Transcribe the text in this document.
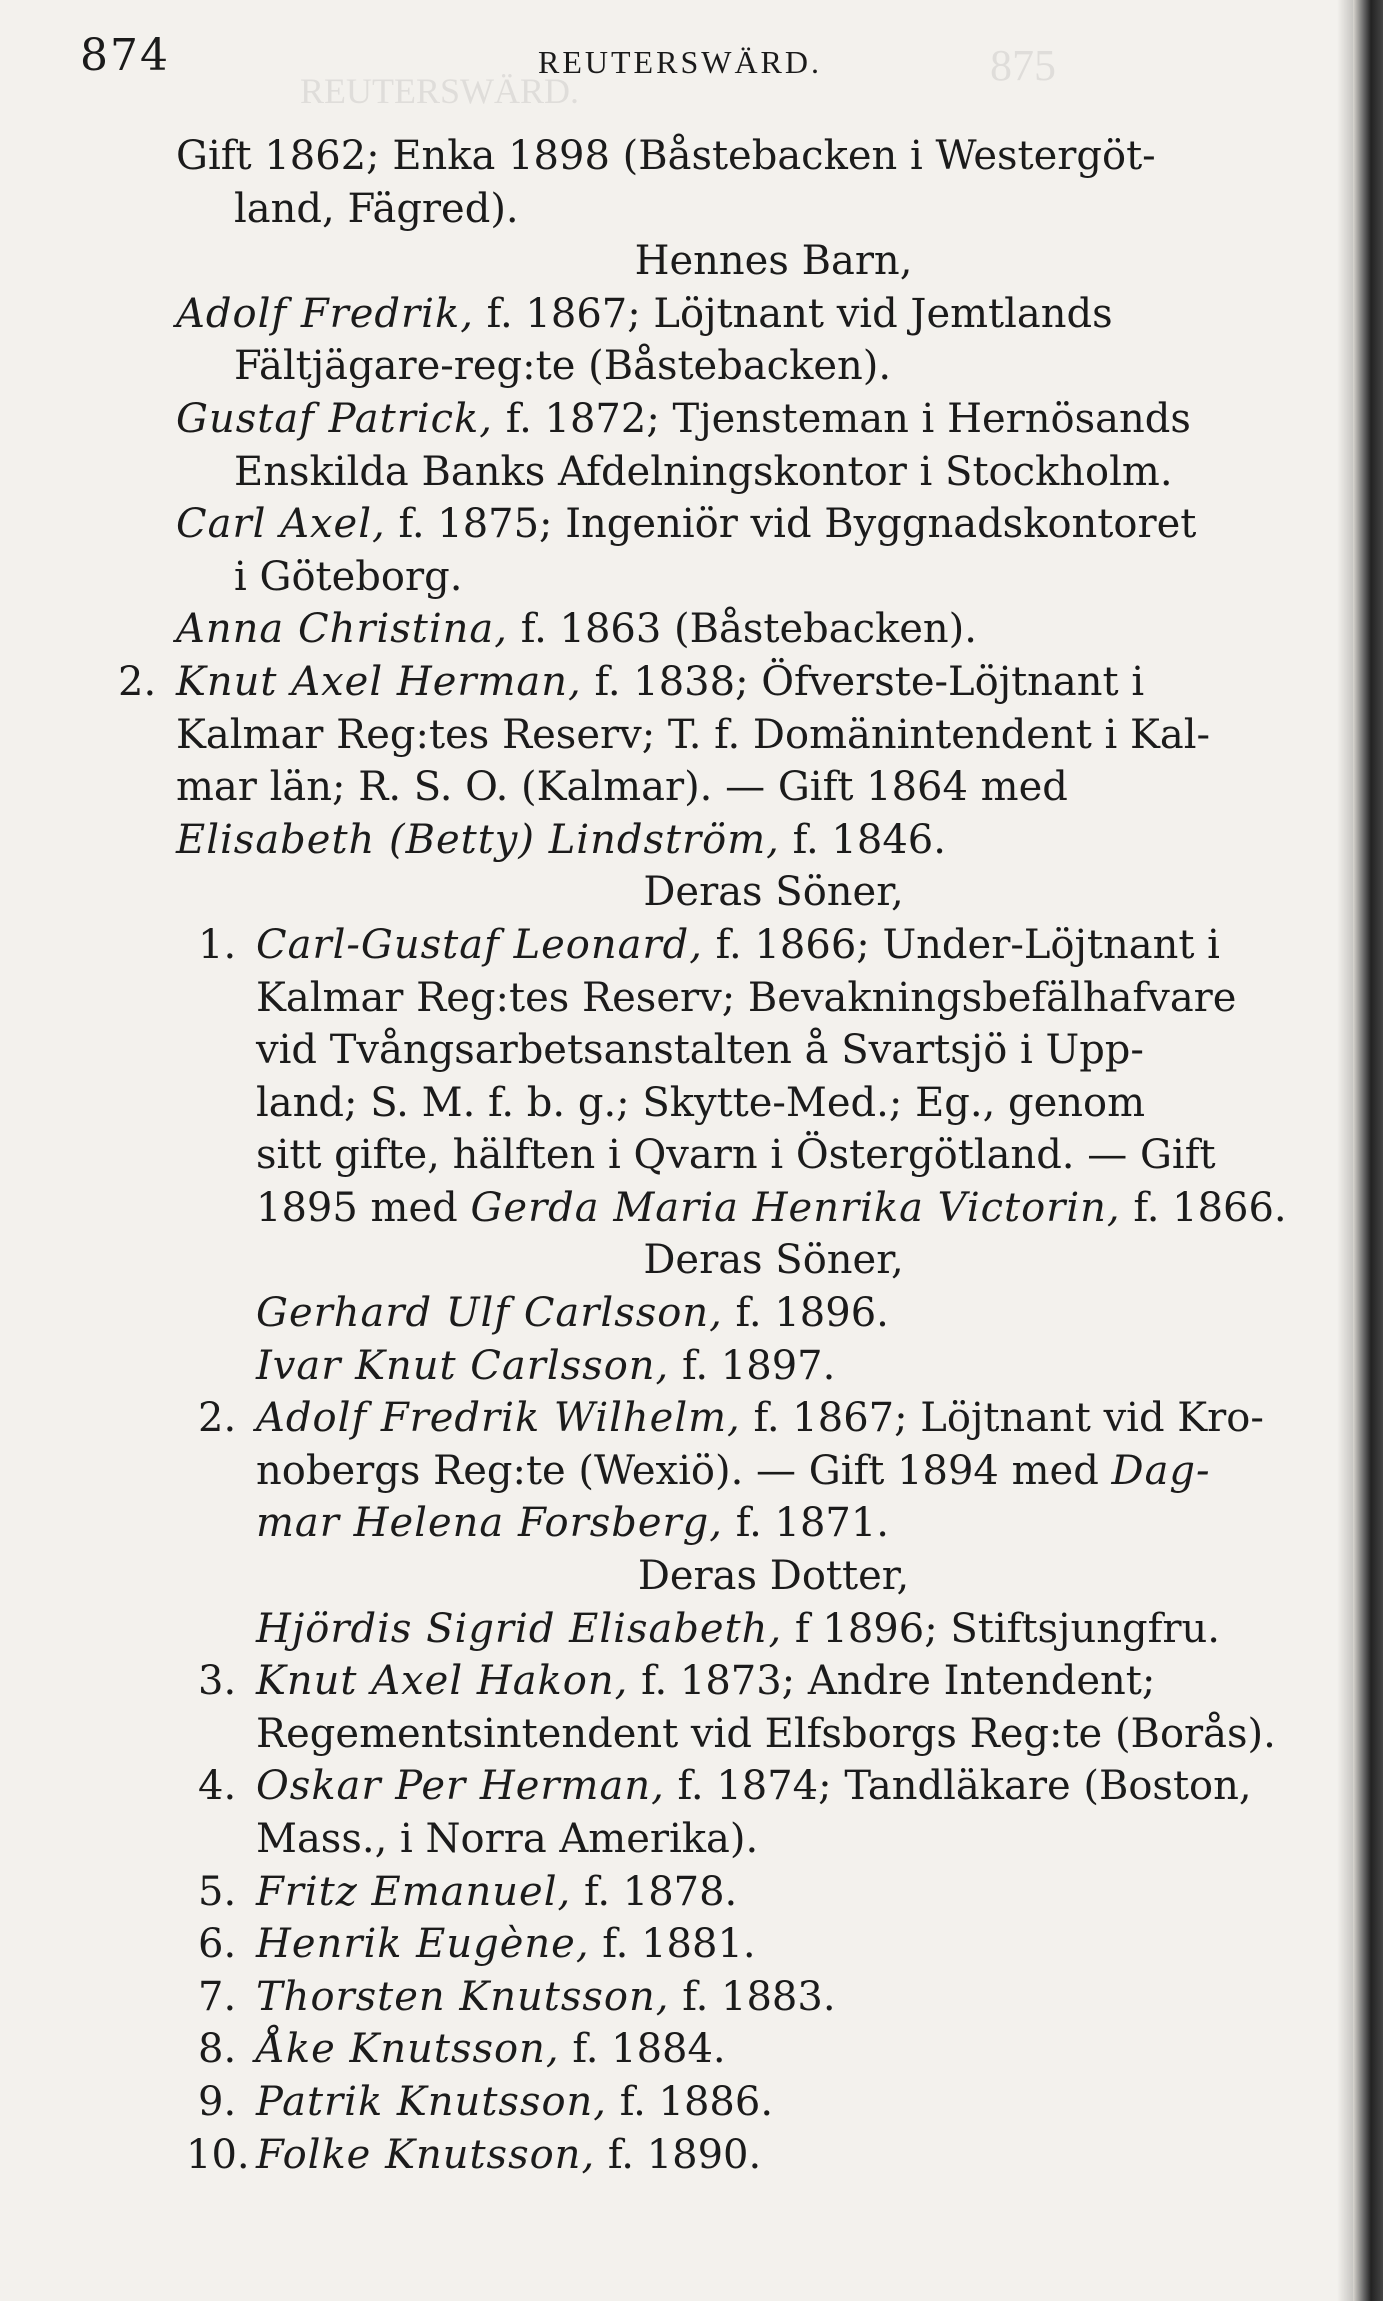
875
REUTERSWÄRD.
874	REUTERSWÄRD.
Gift 1862; Enka 1898 (Båstebacken i Westergöt-
land, Fägred).
Hennes Barn,
Adolf Fredrik, f. 1867; Löjtnant vid Jemtlands
Fältjägare-reg:te (Båstebacken).
Gustaf Patrick, f. 1872; Tjensteman i Hernösands
Enskilda Banks Afdelningskontor i Stockholm.
Carl Axel, f. 1875; Ingeniör vid Byggnadskontoret
i Göteborg.
Anna Christina, f. 1863 (Båstebacken).
2. Knut Axel Herman, f. 1838; Öfverste-Löjtnant i
Kalmar Reg:tes Reserv; T. f. Domänintendent i Kal-
mar län; R. S. O. (Kalmar). — Gift 1864 med
Elisabeth (Betty) Lindström, f. 1846.
Deras Söner,
1. Carl-Gustaf Leonard, f. 1866; Under-Löjtnant i
Kalmar Reg:tes Reserv; Bevakningsbefälhafvare
vid Tvångsarbetsanstalten å Svartsjö i Upp-
land; S. M. f. b. g.; Skytte-Med.; Eg., genom
sitt gifte, hälften i Qvarn i Östergötland. — Gift
1895 med Gerda Maria Henrika Victorin, f. 1866.
Deras Söner,
Gerhard Ulf Carlsson, f. 1896.
Ivar Knut Carlsson, f. 1897.
2. Adolf Fredrik Wilhelm, f. 1867; Löjtnant vid Kro-
nobergs Reg:te (Wexiö). — Gift 1894 med Dag-
mar Helena Forsberg, f. 1871.
Deras Dotter,
Hjördis Sigrid Elisabeth, f 1896; Stiftsjungfru.
3. Knut Axel Hakon, f. 1873; Andre Intendent;
Regementsintendent vid Elfsborgs Reg:te (Borås).
4. Oskar Per Herman, f. 1874; Tandläkare (Boston,
Mass., i Norra Amerika).
5. Fritz Emanuel, f. 1878.
6. Henrik Eugène, f. 1881.
7. Thorsten Knutsson, f. 1883.
8. Åke Knutsson, f. 1884.
9. Patrik Knutsson, f. 1886.
10. Folke Knutsson, f. 1890.
